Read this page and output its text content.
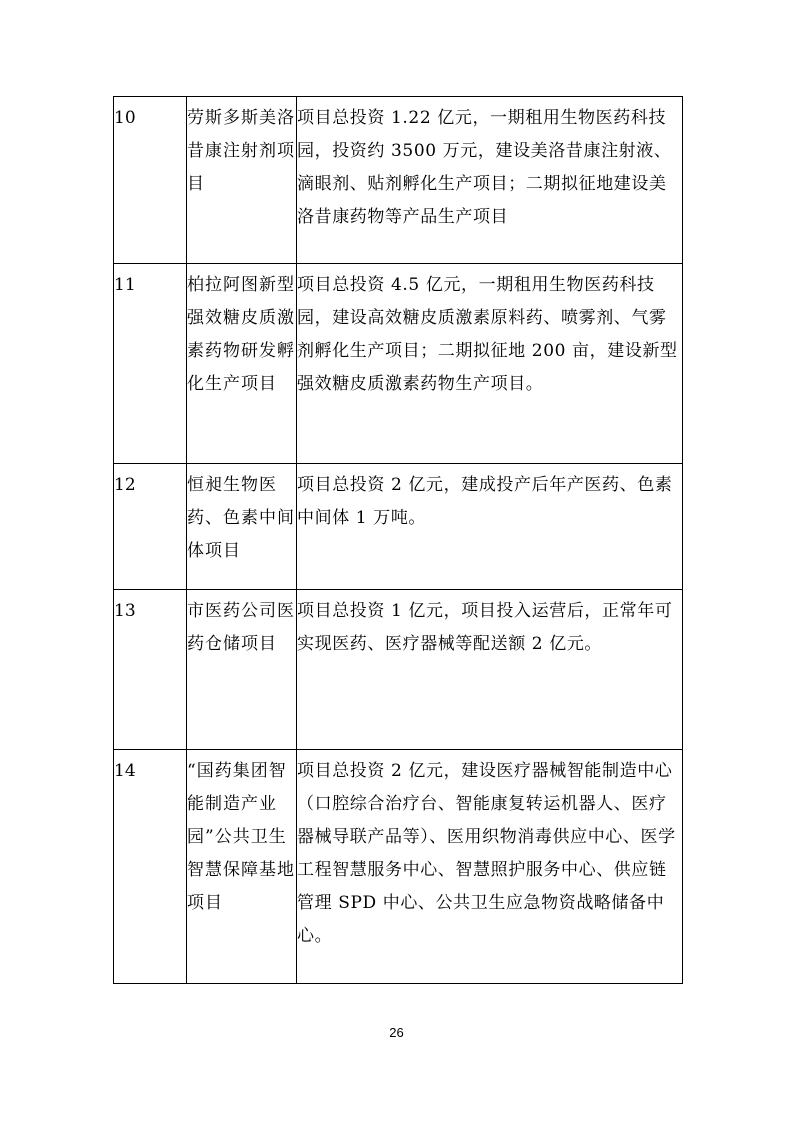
10	劳斯多斯美洛昔康注射剂项目	项目总投资 1.22 亿元，一期租用生物医药科技园，投资约 3500 万元，建设美洛昔康注射液、滴眼剂、贴剂孵化生产项目；二期拟征地建设美洛昔康药物等产品生产项目

11	柏拉阿图新型强效糖皮质激素药物研发孵化生产项目	项目总投资 4.5 亿元，一期租用生物医药科技园，建设高效糖皮质激素原料药、喷雾剂、气雾剂孵化生产项目；二期拟征地 200 亩，建设新型强效糖皮质激素药物生产项目。

12	恒昶生物医药、色素中间体项目	项目总投资 2 亿元，建成投产后年产医药、色素中间体 1 万吨。

13	市医药公司医药仓储项目	项目总投资 1 亿元，项目投入运营后，正常年可实现医药、医疗器械等配送额 2 亿元。

14	“国药集团智能制造产业园”公共卫生智慧保障基地项目	项目总投资 2 亿元，建设医疗器械智能制造中心（口腔综合治疗台、智能康复转运机器人、医疗器械导联产品等）、医用织物消毒供应中心、医学工程智慧服务中心、智慧照护服务中心、供应链管理 SPD 中心、公共卫生应急物资战略储备中心。
26
